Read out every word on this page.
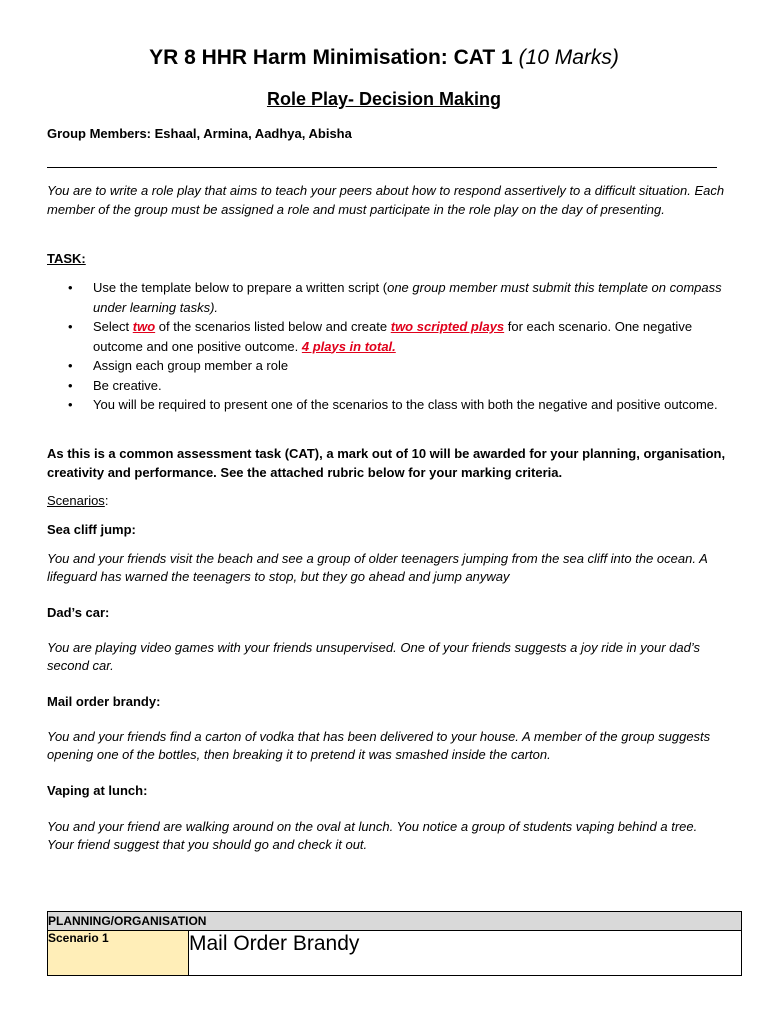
YR 8 HHR Harm Minimisation: CAT 1 (10 Marks)
Role Play- Decision Making
Group Members: Eshaal, Armina, Aadhya, Abisha
You are to write a role play that aims to teach your peers about how to respond assertively to a difficult situation. Each member of the group must be assigned a role and must participate in the role play on the day of presenting.
TASK:
• Use the template below to prepare a written script (one group member must submit this template on compass under learning tasks).
• Select two of the scenarios listed below and create two scripted plays for each scenario. One negative outcome and one positive outcome. 4 plays in total.
• Assign each group member a role
• Be creative.
• You will be required to present one of the scenarios to the class with both the negative and positive outcome.
As this is a common assessment task (CAT), a mark out of 10 will be awarded for your planning, organisation, creativity and performance. See the attached rubric below for your marking criteria.
Scenarios:
Sea cliff jump:
You and your friends visit the beach and see a group of older teenagers jumping from the sea cliff into the ocean. A lifeguard has warned the teenagers to stop, but they go ahead and jump anyway
Dad’s car:
You are playing video games with your friends unsupervised. One of your friends suggests a joy ride in your dad’s second car.
Mail order brandy:
You and your friends find a carton of vodka that has been delivered to your house. A member of the group suggests opening one of the bottles, then breaking it to pretend it was smashed inside the carton.
Vaping at lunch:
You and your friend are walking around on the oval at lunch. You notice a group of students vaping behind a tree. Your friend suggest that you should go and check it out.
PLANNING/ORGANISATION
Scenario 1	Mail Order Brandy
